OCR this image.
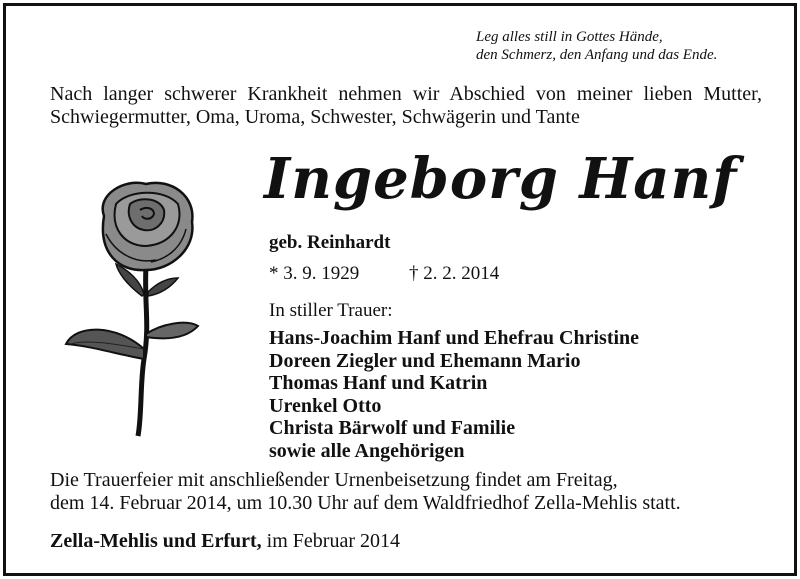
Leg alles still in Gottes Hände,
den Schmerz, den Anfang und das Ende.
Nach langer schwerer Krankheit nehmen wir Abschied von meiner lieben Mutter, Schwiegermutter, Oma, Uroma, Schwester, Schwägerin und Tante
Ingeborg Hanf
geb. Reinhardt
* 3. 9. 1929	† 2. 2. 2014
In stiller Trauer:
Hans-Joachim Hanf und Ehefrau Christine
Doreen Ziegler und Ehemann Mario
Thomas Hanf und Katrin
Urenkel Otto
Christa Bärwolf und Familie
sowie alle Angehörigen
Die Trauerfeier mit anschließender Urnenbeisetzung findet am Freitag,
dem 14. Februar 2014, um 10.30 Uhr auf dem Waldfriedhof Zella-Mehlis statt.
Zella-Mehlis und Erfurt, im Februar 2014
